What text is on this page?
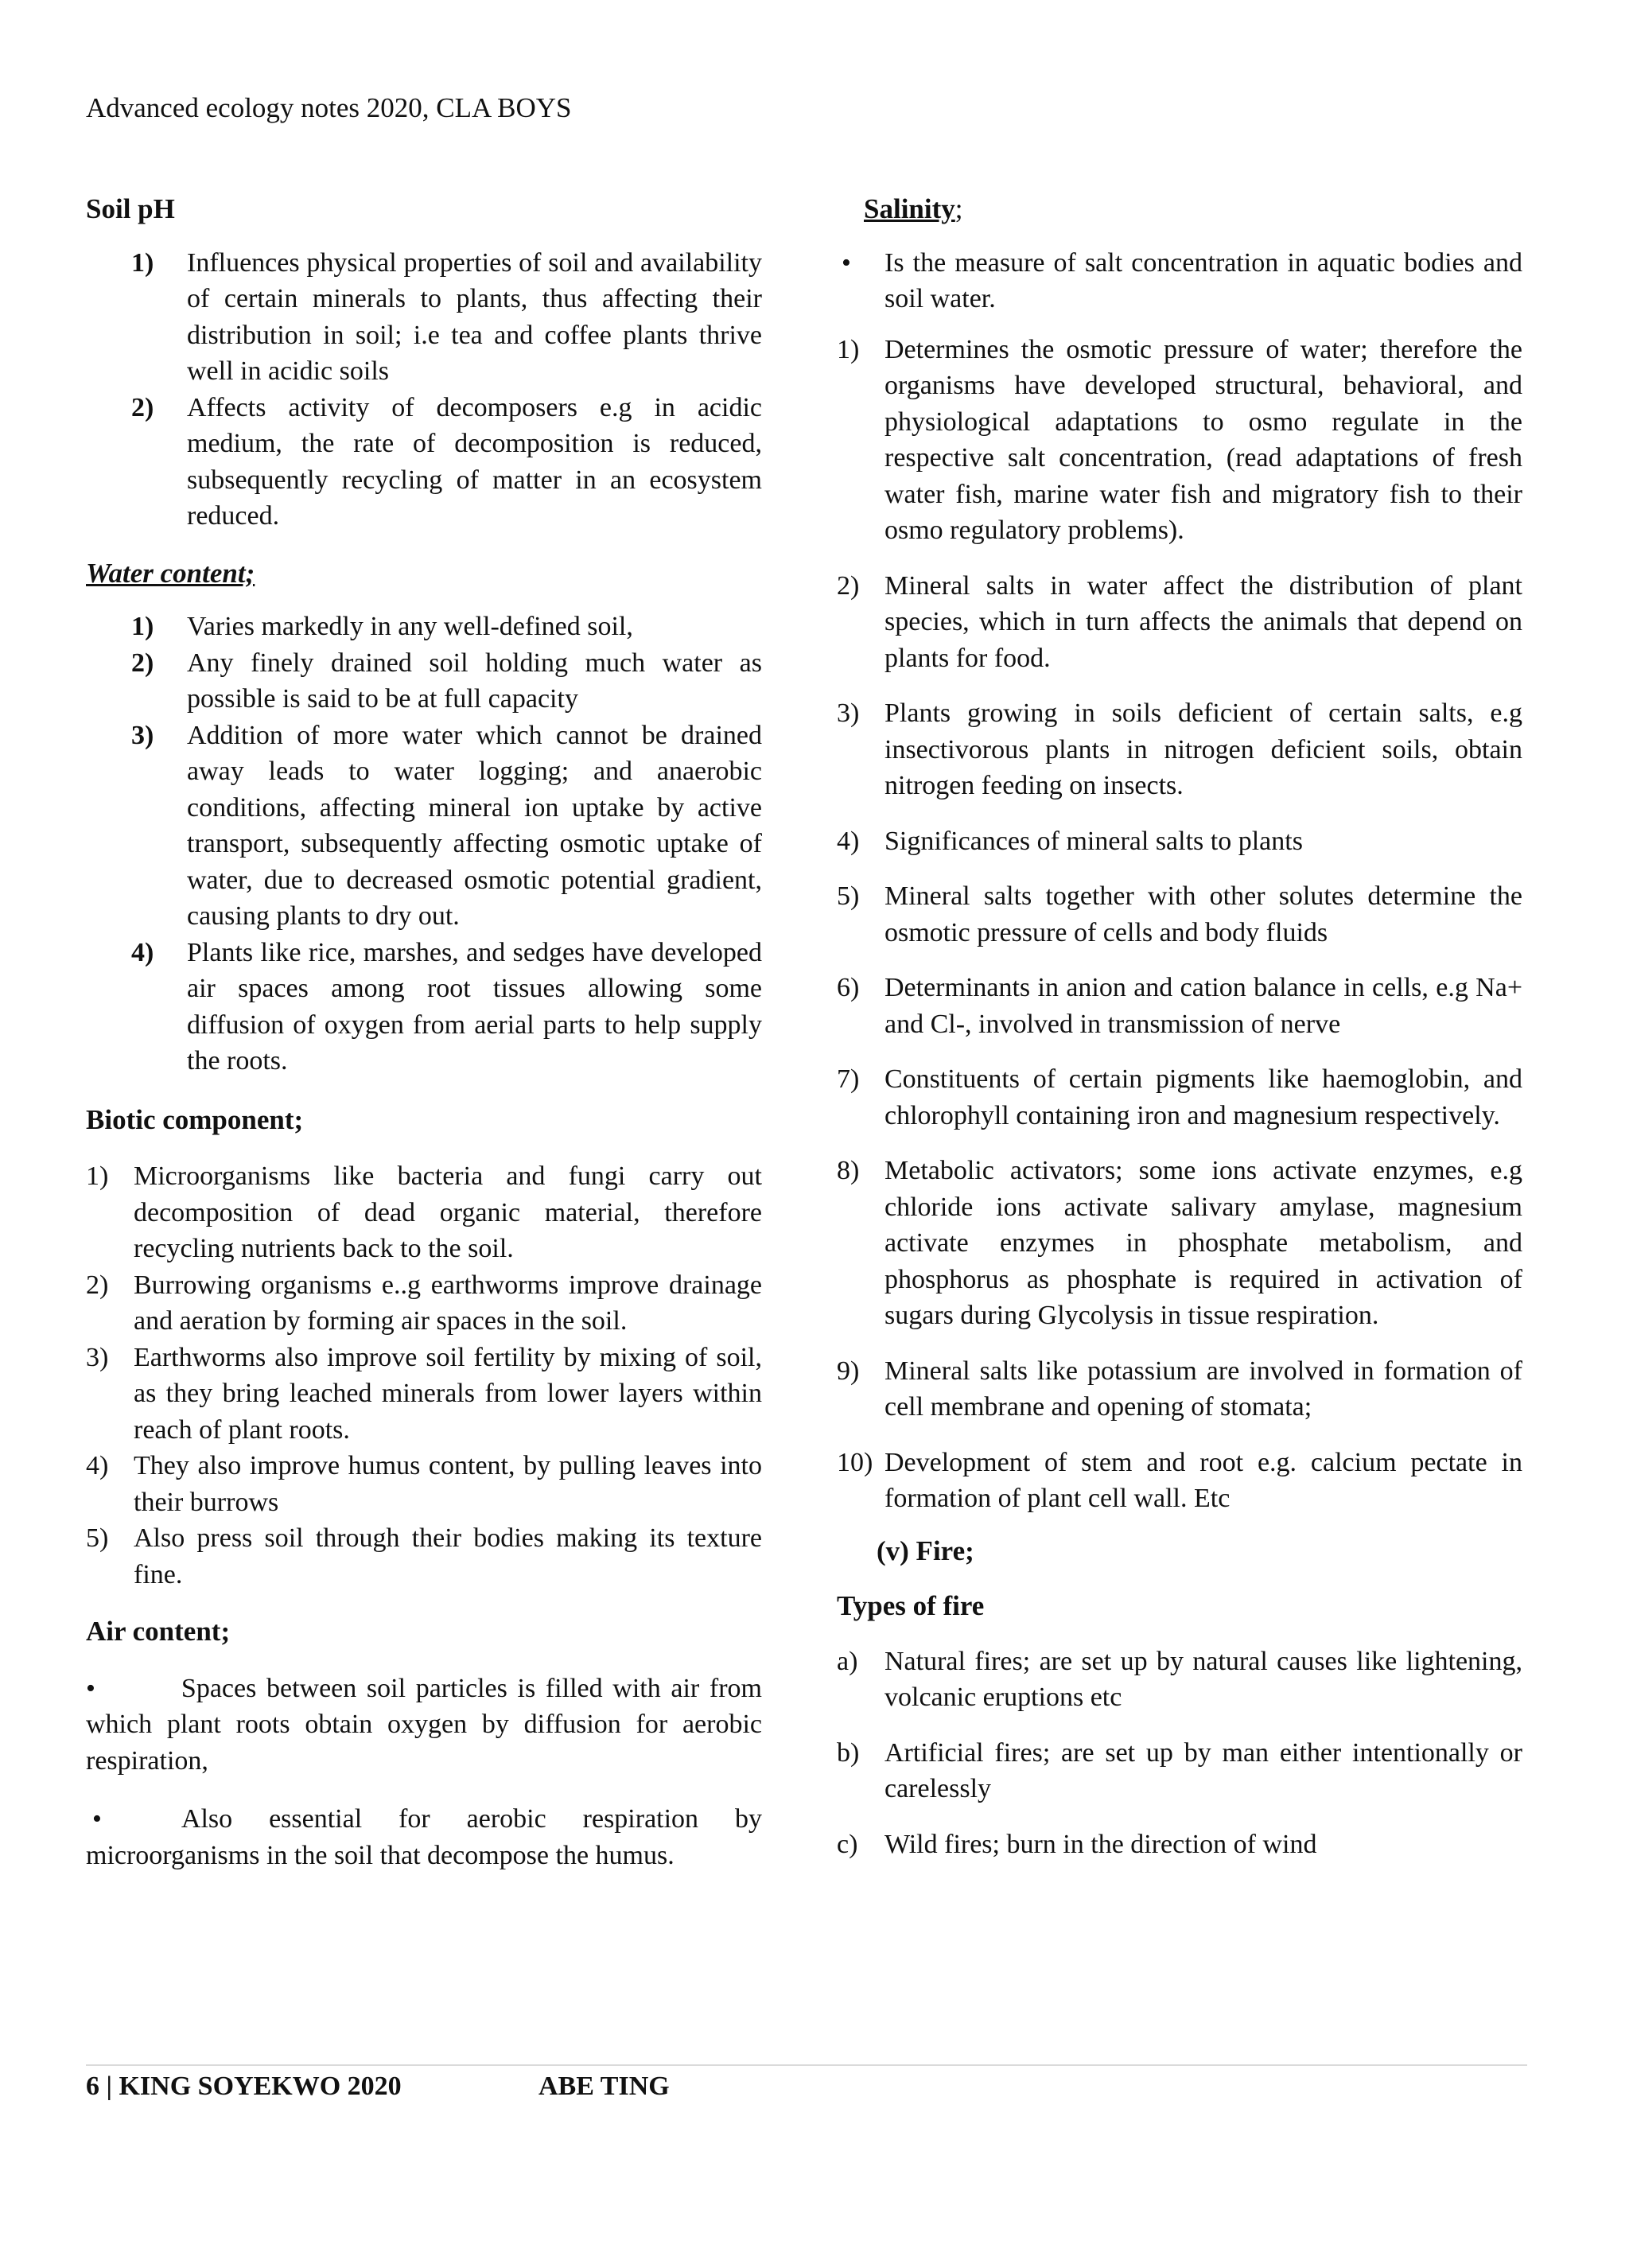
Advanced ecology notes 2020, CLA BOYS
Soil pH
1) Influences physical properties of soil and availability of certain minerals to plants, thus affecting their distribution in soil; i.e tea and coffee plants thrive well in acidic soils
2) Affects activity of decomposers e.g in acidic medium, the rate of decomposition is reduced, subsequently recycling of matter in an ecosystem reduced.
Water content;
1) Varies markedly in any well-defined soil,
2) Any finely drained soil holding much water as possible is said to be at full capacity
3) Addition of more water which cannot be drained away leads to water logging; and anaerobic conditions, affecting mineral ion uptake by active transport, subsequently affecting osmotic uptake of water, due to decreased osmotic potential gradient, causing plants to dry out.
4) Plants like rice, marshes, and sedges have developed air spaces among root tissues allowing some diffusion of oxygen from aerial parts to help supply the roots.
Biotic component;
1) Microorganisms like bacteria and fungi carry out decomposition of dead organic material, therefore recycling nutrients back to the soil.
2) Burrowing organisms e..g earthworms improve drainage and aeration by forming air spaces in the soil.
3) Earthworms also improve soil fertility by mixing of soil, as they bring leached minerals from lower layers within reach of plant roots.
4) They also improve humus content, by pulling leaves into their burrows
5) Also press soil through their bodies making its texture fine.
Air content;

•	Spaces between soil particles is filled with air from which plant roots obtain oxygen by diffusion for aerobic respiration,

•	Also essential for aerobic respiration by microorganisms in the soil that decompose the humus.

Salinity;
• Is the measure of salt concentration in aquatic bodies and soil water.
1) Determines the osmotic pressure of water; therefore the organisms have developed structural, behavioral, and physiological adaptations to osmo regulate in the respective salt concentration, (read adaptations of fresh water fish, marine water fish and migratory fish to their osmo regulatory problems).
2) Mineral salts in water affect the distribution of plant species, which in turn affects the animals that depend on plants for food.
3) Plants growing in soils deficient of certain salts, e.g insectivorous plants in nitrogen deficient soils, obtain nitrogen feeding on insects.
4) Significances of mineral salts to plants
5) Mineral salts together with other solutes determine the osmotic pressure of cells and body fluids
6) Determinants in anion and cation balance in cells, e.g Na+ and Cl-, involved in transmission of nerve
7) Constituents of certain pigments like haemoglobin, and chlorophyll containing iron and magnesium respectively.
8) Metabolic activators; some ions activate enzymes, e.g chloride ions activate salivary amylase, magnesium activate enzymes in phosphate metabolism, and phosphorus as phosphate is required in activation of sugars during Glycolysis in tissue respiration.
9) Mineral salts like potassium are involved in formation of cell membrane and opening of stomata;
10) Development of stem and root e.g. calcium pectate in formation of plant cell wall. Etc
(v) Fire;
Types of fire
a) Natural fires; are set up by natural causes like lightening, volcanic eruptions etc
b) Artificial fires; are set up by man either intentionally or carelessly
c) Wild fires; burn in the direction of wind
6 | KING SOYEKWO 2020	ABE TING
